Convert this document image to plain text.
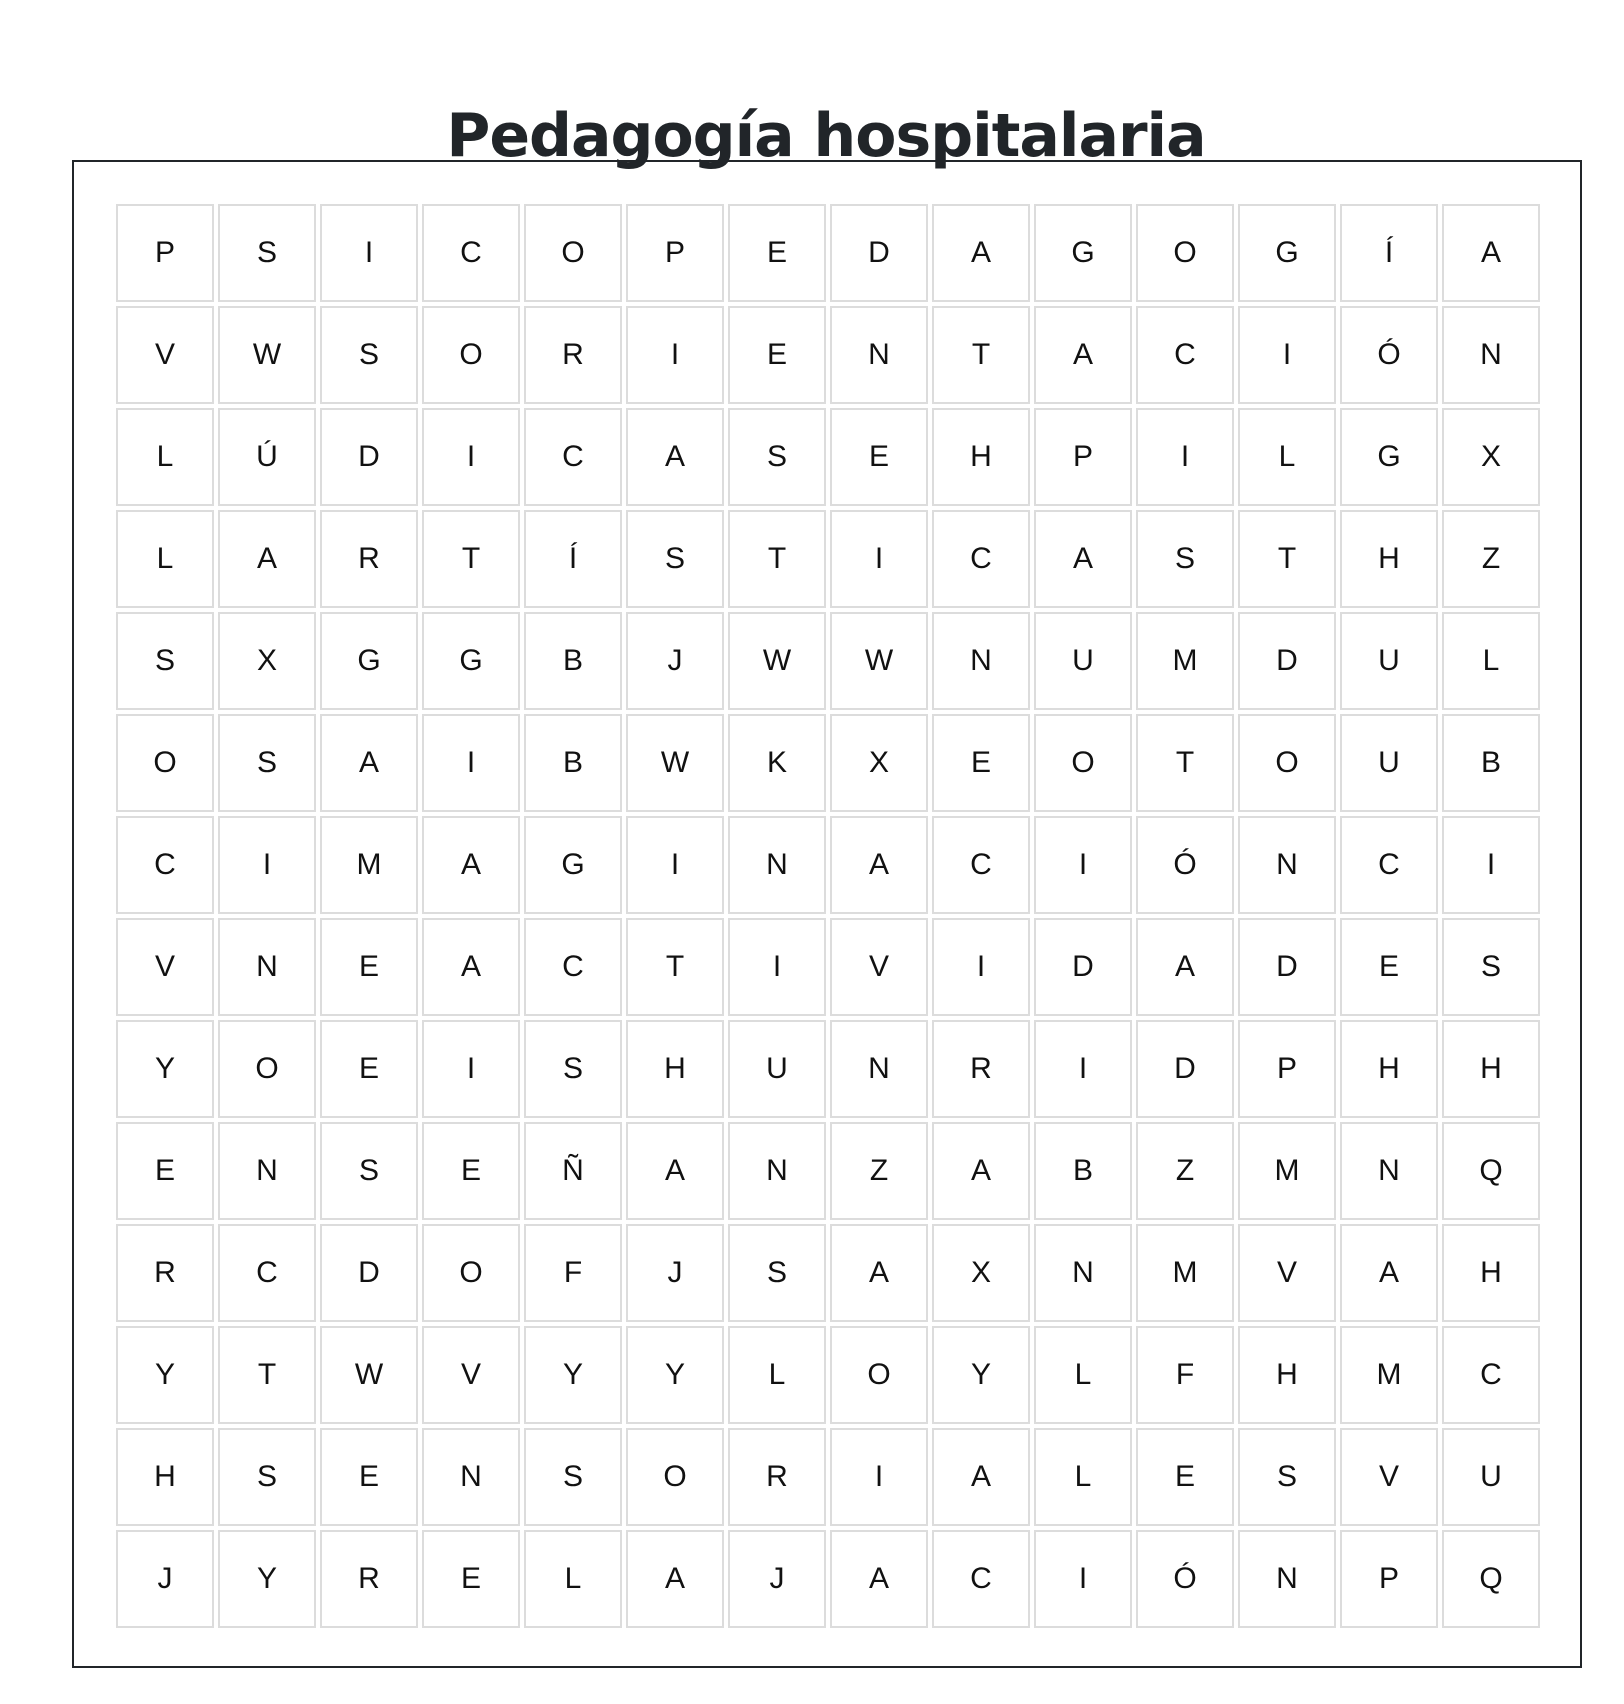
Pedagogía hospitalaria
P	S	I	C	O	P	E	D	A	G	O	G	Í	A
V	W	S	O	R	I	E	N	T	A	C	I	Ó	N
L	Ú	D	I	C	A	S	E	H	P	I	L	G	X
L	A	R	T	Í	S	T	I	C	A	S	T	H	Z
S	X	G	G	B	J	W	W	N	U	M	D	U	L
O	S	A	I	B	W	K	X	E	O	T	O	U	B
C	I	M	A	G	I	N	A	C	I	Ó	N	C	I
V	N	E	A	C	T	I	V	I	D	A	D	E	S
Y	O	E	I	S	H	U	N	R	I	D	P	H	H
E	N	S	E	Ñ	A	N	Z	A	B	Z	M	N	Q
R	C	D	O	F	J	S	A	X	N	M	V	A	H
Y	T	W	V	Y	Y	L	O	Y	L	F	H	M	C
H	S	E	N	S	O	R	I	A	L	E	S	V	U
J	Y	R	E	L	A	J	A	C	I	Ó	N	P	Q
